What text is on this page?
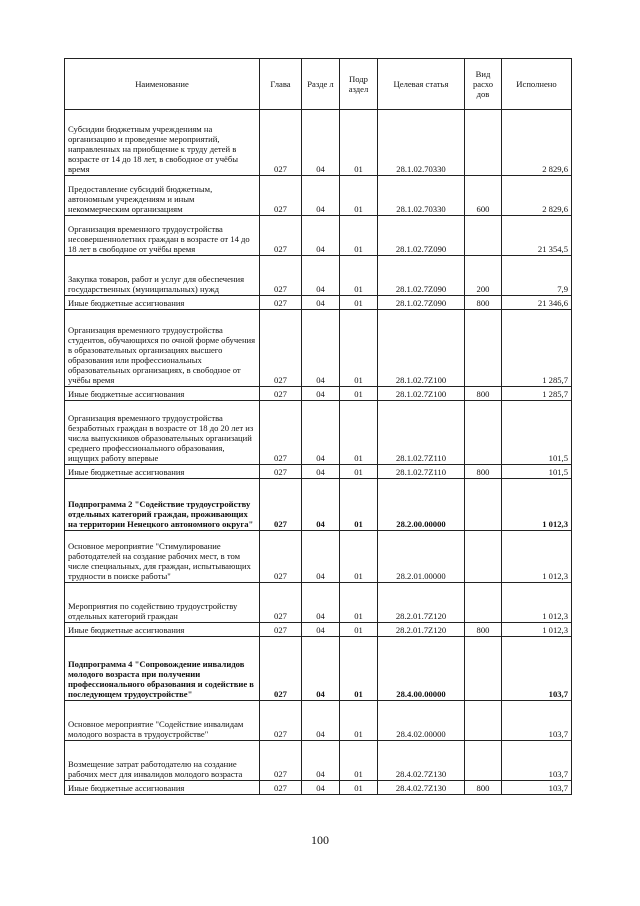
Наименование	Глава	Разде л	Подр аздел	Целевая статья	Вид расхо дов	Исполнено
Субсидии бюджетным учреждениям на организацию и проведение мероприятий, направленных на приобщение к труду детей в возрасте от 14 до 18 лет, в свободное от учёбы время	027	04	01	28.1.02.70330		2 829,6
Предоставление субсидий бюджетным, автономным учреждениям и иным некоммерческим организациям	027	04	01	28.1.02.70330	600	2 829,6
Организация временного трудоустройства несовершеннолетних граждан в возрасте от 14 до 18 лет в свободное от учёбы время	027	04	01	28.1.02.7Z090		21 354,5
Закупка товаров, работ и услуг для обеспечения государственных (муниципальных) нужд	027	04	01	28.1.02.7Z090	200	7,9
Иные бюджетные ассигнования	027	04	01	28.1.02.7Z090	800	21 346,6
Организация временного трудоустройства студентов, обучающихся по очной форме обучения в образовательных организациях высшего образования или профессиональных образовательных организациях, в свободное от учёбы время	027	04	01	28.1.02.7Z100		1 285,7
Иные бюджетные ассигнования	027	04	01	28.1.02.7Z100	800	1 285,7
Организация временного трудоустройства безработных граждан в возрасте от 18 до 20 лет из числа выпускников образовательных организаций среднего профессионального образования, ищущих работу впервые	027	04	01	28.1.02.7Z110		101,5
Иные бюджетные ассигнования	027	04	01	28.1.02.7Z110	800	101,5
Подпрограмма 2 "Содействие трудоустройству отдельных категорий граждан, проживающих на территории Ненецкого автономного округа"	027	04	01	28.2.00.00000		1 012,3
Основное мероприятие "Стимулирование работодателей на создание рабочих мест, в том числе специальных, для граждан, испытывающих трудности в поиске работы"	027	04	01	28.2.01.00000		1 012,3
Мероприятия по содействию трудоустройству отдельных категорий граждан	027	04	01	28.2.01.7Z120		1 012,3
Иные бюджетные ассигнования	027	04	01	28.2.01.7Z120	800	1 012,3
Подпрограмма 4 "Сопровождение инвалидов молодого возраста при получении профессионального образования и содействие в последующем трудоустройстве"	027	04	01	28.4.00.00000		103,7
Основное мероприятие "Содействие инвалидам молодого возраста в трудоустройстве"	027	04	01	28.4.02.00000		103,7
Возмещение затрат работодателю на создание рабочих мест для инвалидов молодого возраста	027	04	01	28.4.02.7Z130		103,7
Иные бюджетные ассигнования	027	04	01	28.4.02.7Z130	800	103,7
100
